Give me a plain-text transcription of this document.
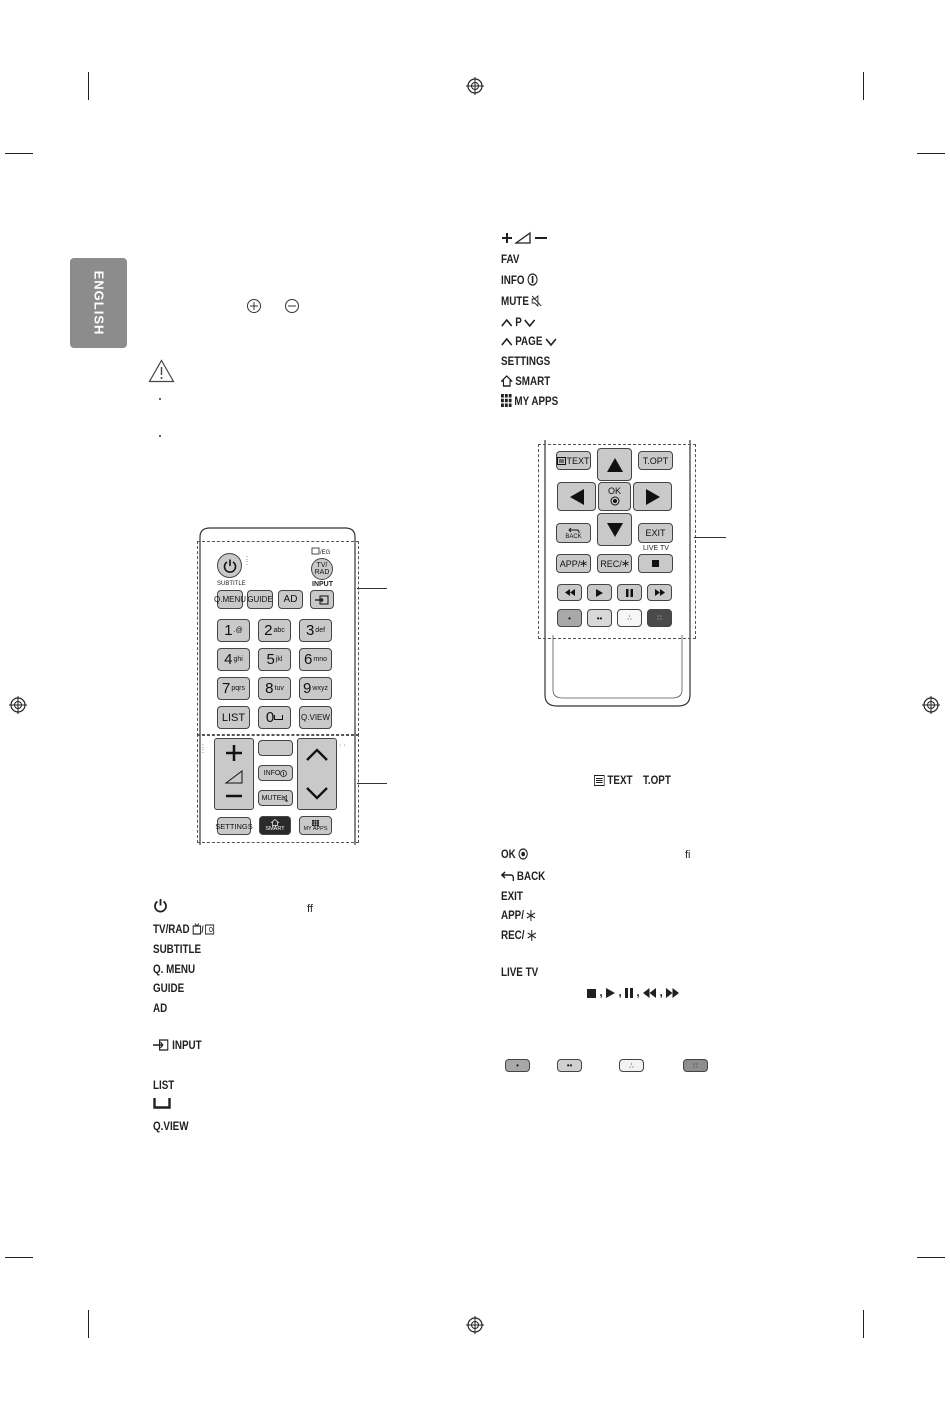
ENGLISH
:
:
SUBTITLE
TV/
RAD
/EG
INPUT
Q.MENU GUIDE	AD
1 .@ 2 abc 3 def
4 ghi 5 jkl 6 mno
7 pqrs 8 tuv 9 wxyz
LIST	0	Q.VIEW
:
:
INFO
MUTE
· ·
SETTINGS SMART	MY APPS
ff
TV/RAD /
SUBTITLE
Q. MENU
GUIDE
AD
INPUT
LIST
Q.VIEW
FAV
INFO
MUTE
P
PAGE
SETTINGS
SMART
MY APPS
TEXT	T.OPT
OK
BACK	EXIT
LIVE TV
APP/ REC/
•	••	∴	∷
TEXT T.OPT
OK	fi
BACK
EXIT
APP/
REC/
LIVE TV
, , , ,
•	••	∴	∷
